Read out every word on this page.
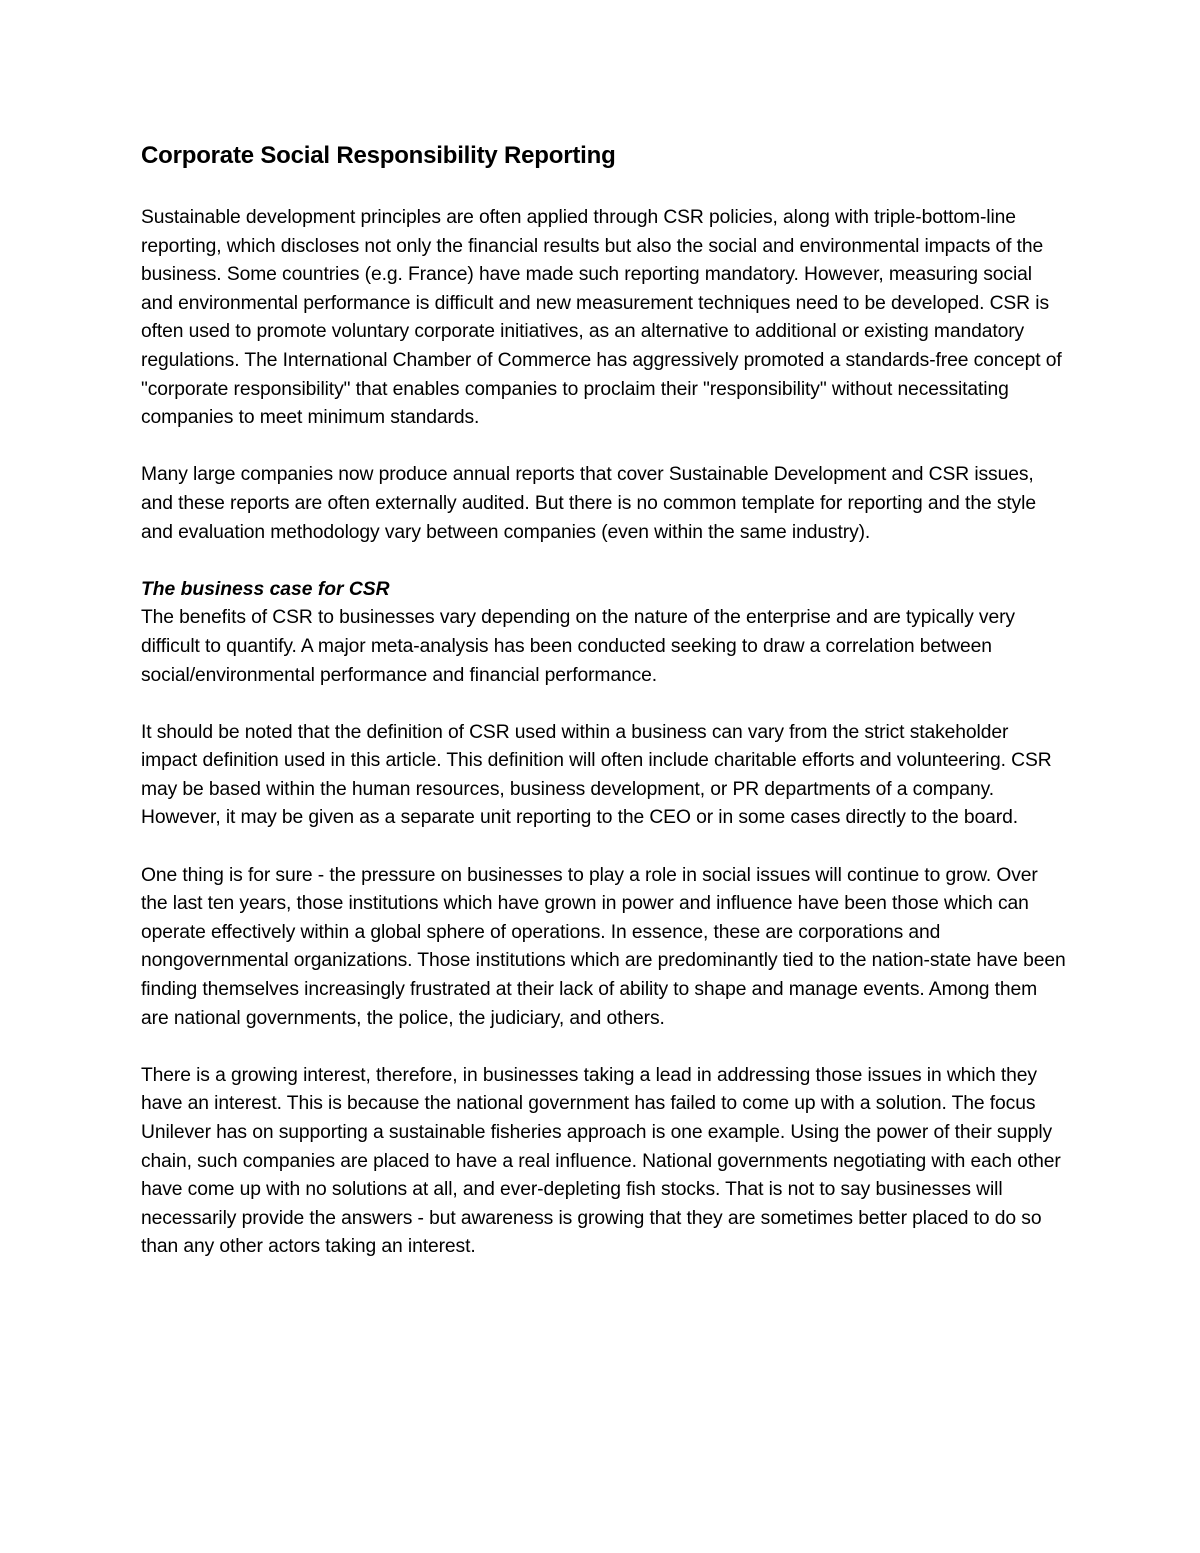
Corporate Social Responsibility Reporting

Sustainable development principles are often applied through CSR policies, along with triple-bottom-line reporting, which discloses not only the financial results but also the social and environmental impacts of the business. Some countries (e.g. France) have made such reporting mandatory. However, measuring social and environmental performance is difficult and new measurement techniques need to be developed. CSR is often used to promote voluntary corporate initiatives, as an alternative to additional or existing mandatory regulations. The International Chamber of Commerce has aggressively promoted a standards-free concept of "corporate responsibility" that enables companies to proclaim their "responsibility" without necessitating companies to meet minimum standards.

Many large companies now produce annual reports that cover Sustainable Development and CSR issues, and these reports are often externally audited. But there is no common template for reporting and the style and evaluation methodology vary between companies (even within the same industry).

The business case for CSR

The benefits of CSR to businesses vary depending on the nature of the enterprise and are typically very difficult to quantify. A major meta-analysis has been conducted seeking to draw a correlation between social/environmental performance and financial performance.

It should be noted that the definition of CSR used within a business can vary from the strict stakeholder impact definition used in this article. This definition will often include charitable efforts and volunteering. CSR may be based within the human resources, business development, or PR departments of a company. However, it may be given as a separate unit reporting to the CEO or in some cases directly to the board.

One thing is for sure - the pressure on businesses to play a role in social issues will continue to grow. Over the last ten years, those institutions which have grown in power and influence have been those which can operate effectively within a global sphere of operations. In essence, these are corporations and nongovernmental organizations. Those institutions which are predominantly tied to the nation-state have been finding themselves increasingly frustrated at their lack of ability to shape and manage events. Among them are national governments, the police, the judiciary, and others.

There is a growing interest, therefore, in businesses taking a lead in addressing those issues in which they have an interest. This is because the national government has failed to come up with a solution. The focus Unilever has on supporting a sustainable fisheries approach is one example. Using the power of their supply chain, such companies are placed to have a real influence. National governments negotiating with each other have come up with no solutions at all, and ever-depleting fish stocks. That is not to say businesses will necessarily provide the answers - but awareness is growing that they are sometimes better placed to do so than any other actors taking an interest.
